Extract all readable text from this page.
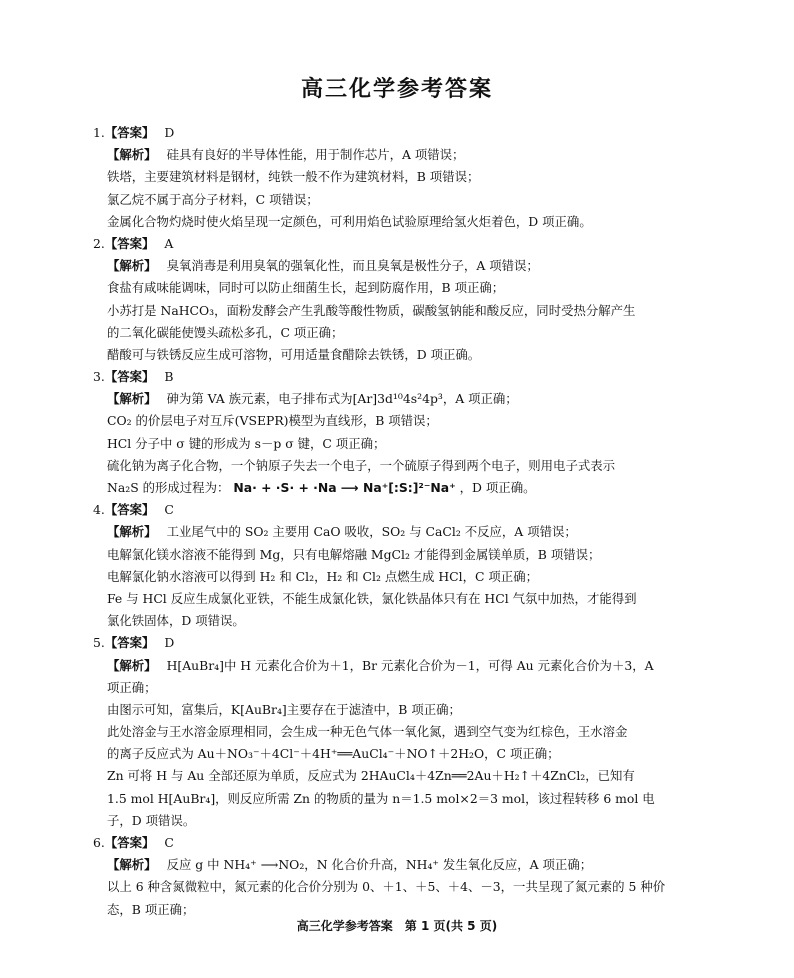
高三化学参考答案
1.【答案】 D
【解析】 硅具有良好的半导体性能，用于制作芯片，A 项错误；
铁塔，主要建筑材料是钢材，纯铁一般不作为建筑材料，B 项错误；
氯乙烷不属于高分子材料，C 项错误；
金属化合物灼烧时使火焰呈现一定颜色，可利用焰色试验原理给氢火炬着色，D 项正确。
2.【答案】 A
【解析】 臭氧消毒是利用臭氧的强氧化性，而且臭氧是极性分子，A 项错误；
食盐有咸味能调味，同时可以防止细菌生长，起到防腐作用，B 项正确；
小苏打是 NaHCO₃，面粉发酵会产生乳酸等酸性物质，碳酸氢钠能和酸反应，同时受热分解产生
的二氧化碳能使馒头疏松多孔，C 项正确；
醋酸可与铁锈反应生成可溶物，可用适量食醋除去铁锈，D 项正确。
3.【答案】 B
【解析】 砷为第 VA 族元素，电子排布式为[Ar]3d¹⁰4s²4p³，A 项正确；
CO₂ 的价层电子对互斥(VSEPR)模型为直线形，B 项错误；
HCl 分子中 σ 键的形成为 s－p σ 键，C 项正确；
硫化钠为离子化合物，一个钠原子失去一个电子，一个硫原子得到两个电子，则用电子式表示
Na₂S 的形成过程为： Na· + ·S· + ·Na ⟶ Na⁺[:S:]²⁻Na⁺ ，D 项正确。
4.【答案】 C
【解析】 工业尾气中的 SO₂ 主要用 CaO 吸收，SO₂ 与 CaCl₂ 不反应，A 项错误；
电解氯化镁水溶液不能得到 Mg，只有电解熔融 MgCl₂ 才能得到金属镁单质，B 项错误；
电解氯化钠水溶液可以得到 H₂ 和 Cl₂，H₂ 和 Cl₂ 点燃生成 HCl，C 项正确；
Fe 与 HCl 反应生成氯化亚铁，不能生成氯化铁，氯化铁晶体只有在 HCl 气氛中加热，才能得到
氯化铁固体，D 项错误。
5.【答案】 D
【解析】 H[AuBr₄]中 H 元素化合价为＋1，Br 元素化合价为－1，可得 Au 元素化合价为＋3，A
项正确；
由图示可知，富集后，K[AuBr₄]主要存在于滤渣中，B 项正确；
此处溶金与王水溶金原理相同，会生成一种无色气体一氧化氮，遇到空气变为红棕色，王水溶金
的离子反应式为 Au＋NO₃⁻＋4Cl⁻＋4H⁺══AuCl₄⁻＋NO↑＋2H₂O，C 项正确；
Zn 可将 H 与 Au 全部还原为单质，反应式为 2HAuCl₄＋4Zn══2Au＋H₂↑＋4ZnCl₂，已知有
1.5 mol H[AuBr₄]，则反应所需 Zn 的物质的量为 n＝1.5 mol×2＝3 mol，该过程转移 6 mol 电
子，D 项错误。
6.【答案】 C
【解析】 反应 g 中 NH₄⁺ ⟶NO₂，N 化合价升高，NH₄⁺ 发生氧化反应，A 项正确；
以上 6 种含氮微粒中，氮元素的化合价分别为 0、＋1、＋5、＋4、－3，一共呈现了氮元素的 5 种价
态，B 项正确；
高三化学参考答案　第 1 页(共 5 页)
